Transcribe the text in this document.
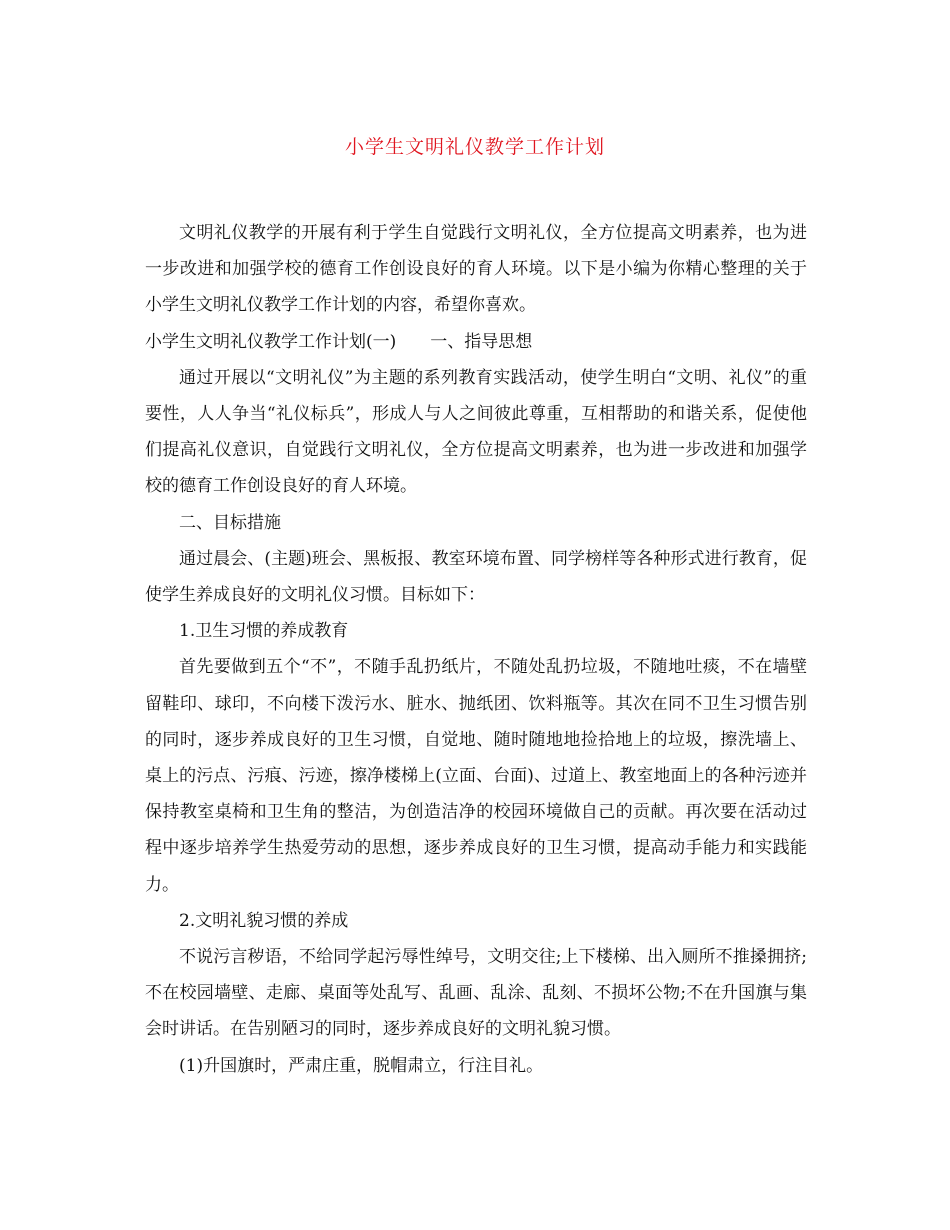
小学生文明礼仪教学工作计划

文明礼仪教学的开展有利于学生自觉践行文明礼仪，全方位提高文明素养，也为进一步改进和加强学校的德育工作创设良好的育人环境。以下是小编为你精心整理的关于小学生文明礼仪教学工作计划的内容，希望你喜欢。

小学生文明礼仪教学工作计划(一)　　一、指导思想

通过开展以“文明礼仪”为主题的系列教育实践活动，使学生明白“文明、礼仪”的重要性，人人争当“礼仪标兵”，形成人与人之间彼此尊重，互相帮助的和谐关系，促使他们提高礼仪意识，自觉践行文明礼仪，全方位提高文明素养，也为进一步改进和加强学校的德育工作创设良好的育人环境。

二、目标措施

通过晨会、(主题)班会、黑板报、教室环境布置、同学榜样等各种形式进行教育，促使学生养成良好的文明礼仪习惯。目标如下：

1.卫生习惯的养成教育

首先要做到五个“不”，不随手乱扔纸片，不随处乱扔垃圾，不随地吐痰，不在墙壁留鞋印、球印，不向楼下泼污水、脏水、抛纸团、饮料瓶等。其次在同不卫生习惯告别的同时，逐步养成良好的卫生习惯，自觉地、随时随地地捡拾地上的垃圾，擦洗墙上、桌上的污点、污痕、污迹，擦净楼梯上(立面、台面)、过道上、教室地面上的各种污迹并保持教室桌椅和卫生角的整洁，为创造洁净的校园环境做自己的贡献。再次要在活动过程中逐步培养学生热爱劳动的思想，逐步养成良好的卫生习惯，提高动手能力和实践能力。

2.文明礼貌习惯的养成

不说污言秽语，不给同学起污辱性绰号，文明交往;上下楼梯、出入厕所不推搡拥挤;不在校园墙壁、走廊、桌面等处乱写、乱画、乱涂、乱刻、不损坏公物;不在升国旗与集会时讲话。在告别陋习的同时，逐步养成良好的文明礼貌习惯。

(1)升国旗时，严肃庄重，脱帽肃立，行注目礼。
